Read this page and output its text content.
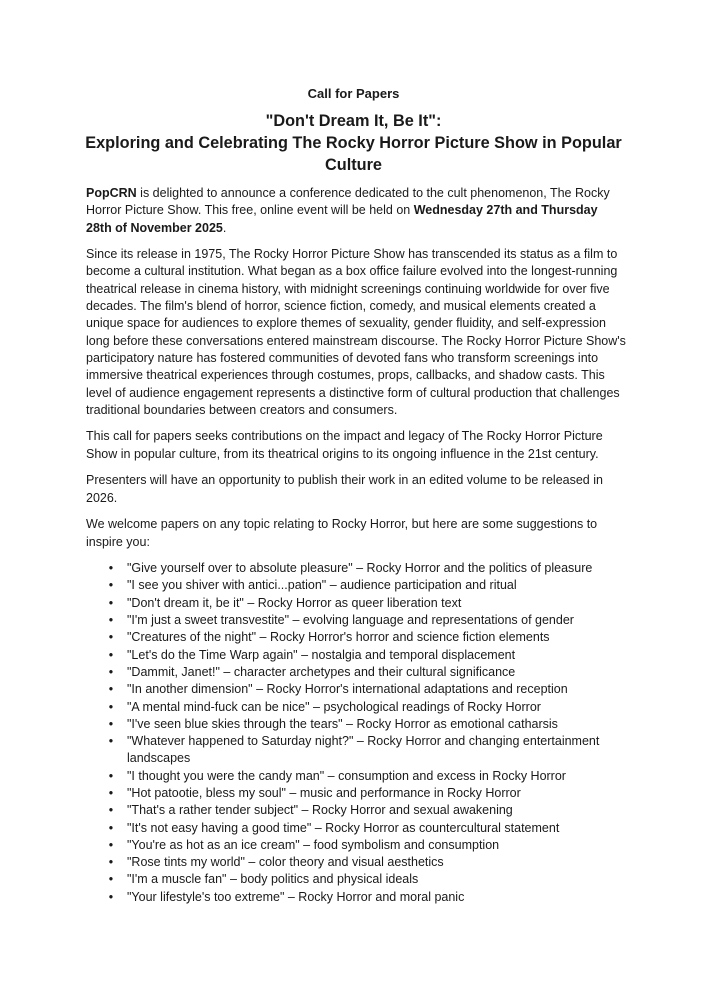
Call for Papers
"Don't Dream It, Be It":
Exploring and Celebrating The Rocky Horror Picture Show in Popular Culture

PopCRN is delighted to announce a conference dedicated to the cult phenomenon, The Rocky Horror Picture Show. This free, online event will be held on Wednesday 27th and Thursday 28th of November 2025.

Since its release in 1975, The Rocky Horror Picture Show has transcended its status as a film to become a cultural institution. What began as a box office failure evolved into the longest-running theatrical release in cinema history, with midnight screenings continuing worldwide for over five decades. The film's blend of horror, science fiction, comedy, and musical elements created a unique space for audiences to explore themes of sexuality, gender fluidity, and self-expression long before these conversations entered mainstream discourse. The Rocky Horror Picture Show's participatory nature has fostered communities of devoted fans who transform screenings into immersive theatrical experiences through costumes, props, callbacks, and shadow casts. This level of audience engagement represents a distinctive form of cultural production that challenges traditional boundaries between creators and consumers.

This call for papers seeks contributions on the impact and legacy of The Rocky Horror Picture Show in popular culture, from its theatrical origins to its ongoing influence in the 21st century.

Presenters will have an opportunity to publish their work in an edited volume to be released in 2026.

We welcome papers on any topic relating to Rocky Horror, but here are some suggestions to inspire you:

• "Give yourself over to absolute pleasure" – Rocky Horror and the politics of pleasure
• "I see you shiver with antici...pation" – audience participation and ritual
• "Don't dream it, be it" – Rocky Horror as queer liberation text
• "I'm just a sweet transvestite" – evolving language and representations of gender
• "Creatures of the night" – Rocky Horror's horror and science fiction elements
• "Let's do the Time Warp again" – nostalgia and temporal displacement
• "Dammit, Janet!" – character archetypes and their cultural significance
• "In another dimension" – Rocky Horror's international adaptations and reception
• "A mental mind-fuck can be nice" – psychological readings of Rocky Horror
• "I've seen blue skies through the tears" – Rocky Horror as emotional catharsis
• "Whatever happened to Saturday night?" – Rocky Horror and changing entertainment landscapes
• "I thought you were the candy man" – consumption and excess in Rocky Horror
• "Hot patootie, bless my soul" – music and performance in Rocky Horror
• "That's a rather tender subject" – Rocky Horror and sexual awakening
• "It's not easy having a good time" – Rocky Horror as countercultural statement
• "You're as hot as an ice cream" – food symbolism and consumption
• "Rose tints my world" – color theory and visual aesthetics
• "I'm a muscle fan" – body politics and physical ideals
• "Your lifestyle's too extreme" – Rocky Horror and moral panic
